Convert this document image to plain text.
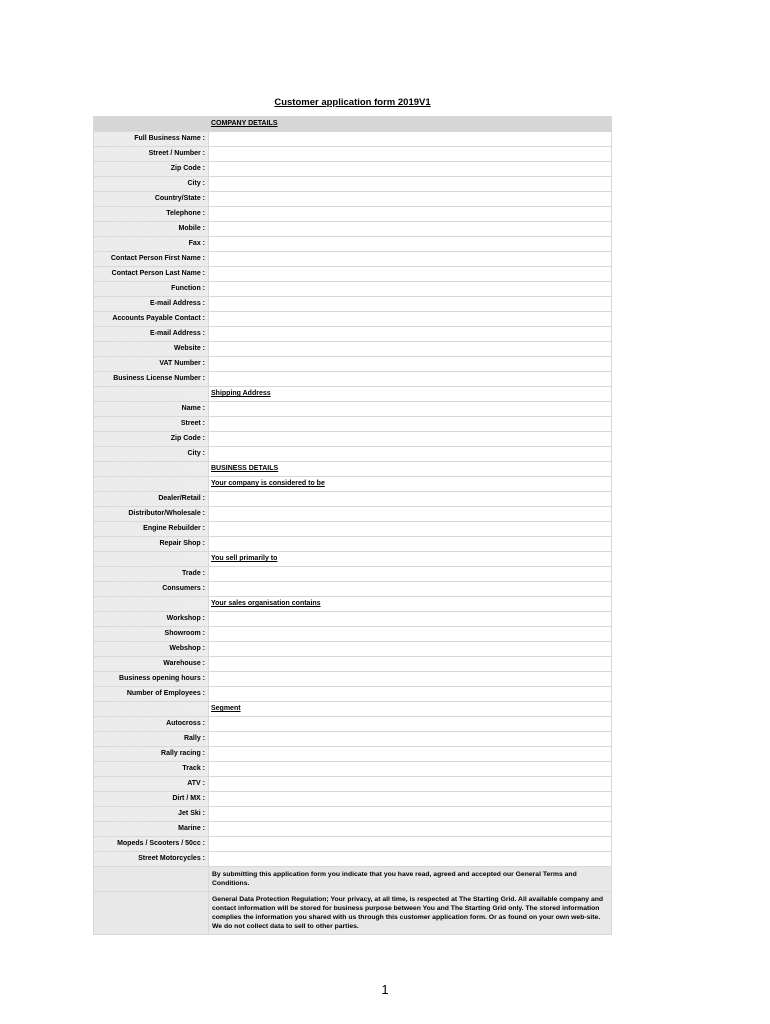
Customer application form 2019V1
	COMPANY DETAILS
Full Business Name :	
Street / Number :	
Zip Code :	
City :	
Country/State :	
Telephone :	
Mobile :	
Fax :	
Contact Person First Name :	
Contact Person Last Name :	
Function :	
E-mail Address :	
Accounts Payable Contact :	
E-mail Address :	
Website :	
VAT Number :	
Business License Number :	
	Shipping Address
Name :	
Street :	
Zip Code :	
City :	
	BUSINESS DETAILS
	Your company is considered to be
Dealer/Retail :	
Distributor/Wholesale :	
Engine Rebuilder :	
Repair Shop :	
	You sell primarily to
Trade :	
Consumers :	
	Your sales organisation contains
Workshop :	
Showroom :	
Webshop :	
Warehouse :	
Business opening hours :	
Number of Employees :	
	Segment
Autocross :	
Rally :	
Rally racing :	
Track :	
ATV :	
Dirt / MX :	
Jet Ski :	
Marine :	
Mopeds / Scooters / 50cc :	
Street Motorcycles :	
	By submitting this application form you indicate that you have read, agreed and accepted our General Terms and Conditions.
	General Data Protection Regulation; Your privacy, at all time, is respected at The Starting Grid. All available company and contact information will be stored for business purpose between You and The Starting Grid only. The stored information complies the information you shared with us through this customer application form. Or as found on your own web-site. We do not collect data to sell to other parties.
1
